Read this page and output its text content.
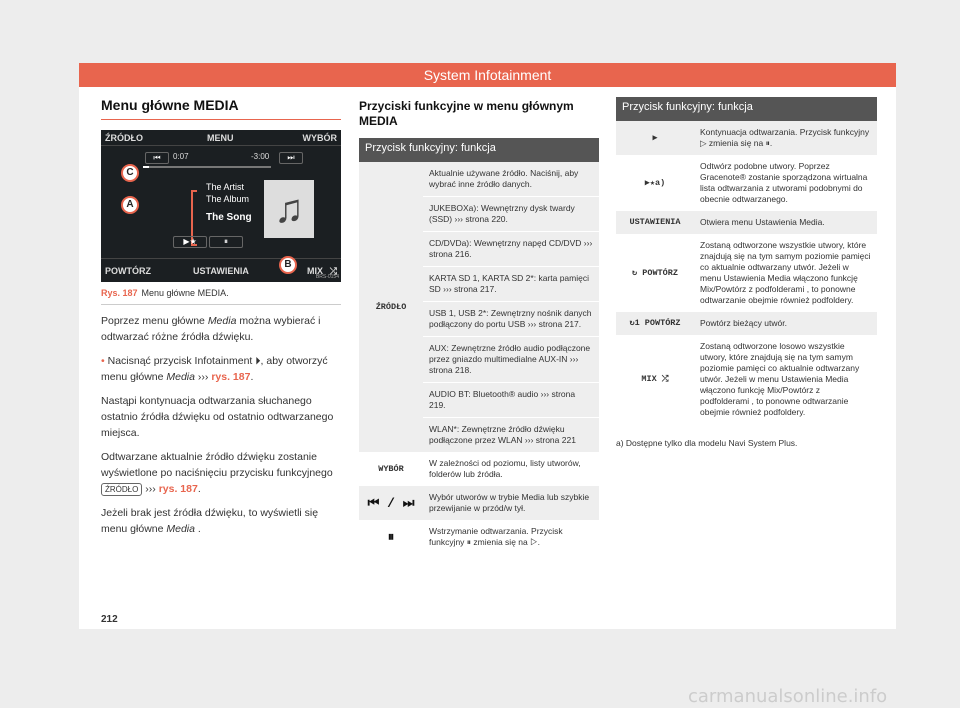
System Infotainment
Menu główne MEDIA
ŹRÓDŁO	MENU	WYBÓR
⏮	0:07	-3:00	⏭
The Artist
The Album
The Song ♫
▶★	⏸
POWTÓRZ	USTAWIENIA	MIX ⤮
C
A
B
BRS-0154
Rys. 187 Menu główne MEDIA.
Poprzez menu główne Media można wybierać i odtwarzać różne źródła dźwięku.
• Nacisnąć przycisk Infotainment ⏵, aby otworzyć menu główne Media ››› rys. 187.
Nastąpi kontynuacja odtwarzania słuchanego ostatnio źródła dźwięku od ostatnio odtwarzanego miejsca.
Odtwarzane aktualnie źródło dźwięku zostanie wyświetlone po naciśnięciu przycisku funkcyjnego ŹRÓDŁO ››› rys. 187.
Jeżeli brak jest źródła dźwięku, to wyświetli się menu główne Media .
Przyciski funkcyjne w menu głównym MEDIA
Przycisk funkcyjny: funkcja
ŹRÓDŁO
Aktualnie używane źródło. Naciśnij, aby wybrać inne źródło danych.
JUKEBOXa): Wewnętrzny dysk twardy (SSD) ››› strona 220.
CD/DVDa): Wewnętrzny napęd CD/DVD ››› strona 216.
KARTA SD 1, KARTA SD 2*: karta pamięci SD ››› strona 217.
USB 1, USB 2*: Zewnętrzny nośnik danych podłączony do portu USB ››› strona 217.
AUX: Zewnętrzne źródło audio podłączone przez gniazdo multimedialne AUX-IN ››› strona 218.
AUDIO BT: Bluetooth® audio ››› strona 219.
WLAN*: Zewnętrzne źródło dźwięku podłączone przez WLAN ››› strona 221
WYBÓR
W zależności od poziomu, listy utworów, folderów lub źródła.
⏮ / ⏭	Wybór utworów w trybie Media lub szybkie przewijanie w przód/w tył.
⏸	Wstrzymanie odtwarzania. Przycisk funkcyjny ⏸ zmienia się na ▷.
Przycisk funkcyjny: funkcja
▶
Kontynuacja odtwarzania. Przycisk funkcyjny ▷ zmienia się na ⏸.
▶★a)
Odtwórz podobne utwory. Poprzez Gracenote® zostanie sporządzona wirtualna lista odtwarzania z utworami podobnymi do obecnie odtwarzanego.
USTAWIENIA	Otwiera menu Ustawienia Media.
↻ POWTÓRZ
Zostaną odtworzone wszystkie utwory, które znajdują się na tym samym poziomie pamięci co aktualnie odtwarzany utwór. Jeżeli w menu Ustawienia Media włączono funkcję Mix/Powtórz z podfolderami , to ponowne odtwarzanie obejmie również podfoldery.
↻1 POWTÓRZ	Powtórz bieżący utwór.
MIX ⤮
Zostaną odtworzone losowo wszystkie utwory, które znajdują się na tym samym poziomie pamięci co aktualnie odtwarzany utwór. Jeżeli w menu Ustawienia Media włączono funkcję Mix/Powtórz z podfolderami , to ponowne odtwarzanie obejmie również podfoldery.
a) Dostępne tylko dla modelu Navi System Plus.
212
carmanualsonline.info
